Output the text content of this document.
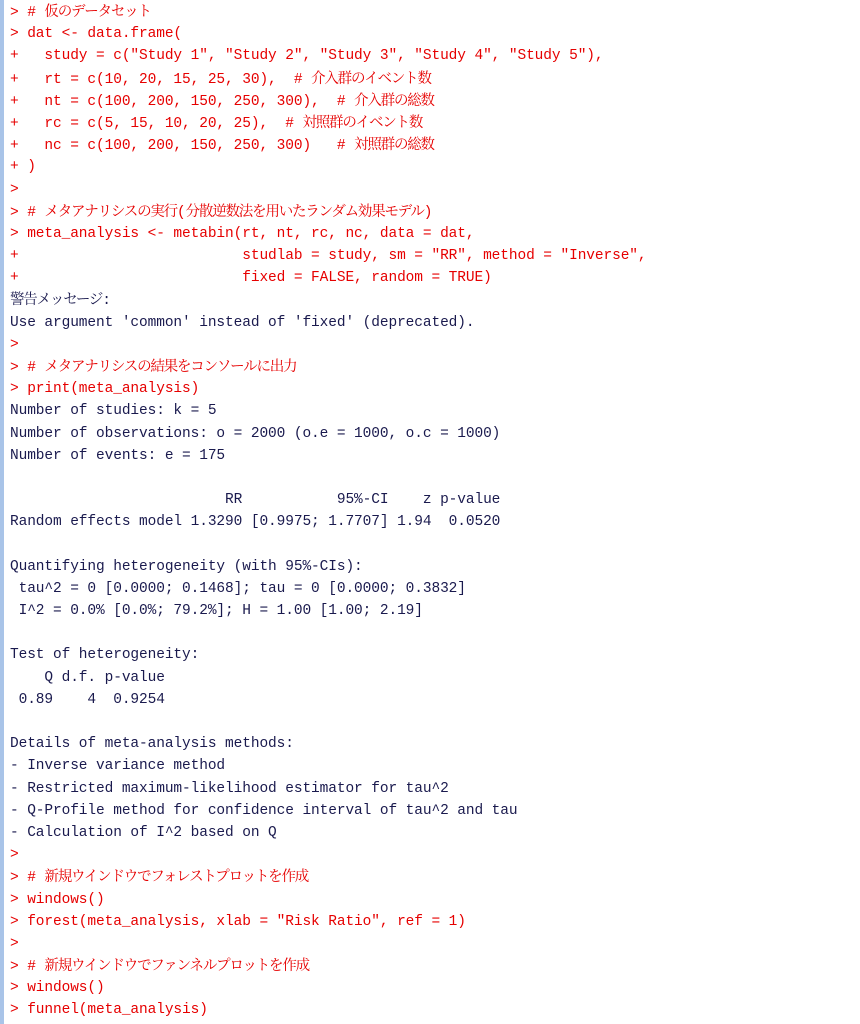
> # 仮のデータセット
> dat <- data.frame(
+   study = c("Study 1", "Study 2", "Study 3", "Study 4", "Study 5"),
+   rt = c(10, 20, 15, 25, 30),  # 介入群のイベント数
+   nt = c(100, 200, 150, 250, 300),  # 介入群の総数
+   rc = c(5, 15, 10, 20, 25),  # 対照群のイベント数
+   nc = c(100, 200, 150, 250, 300)   # 対照群の総数
+ )
>
> # メタアナリシスの実行(分散逆数法を用いたランダム効果モデル)
> meta_analysis <- metabin(rt, nt, rc, nc, data = dat,
+                          studlab = study, sm = "RR", method = "Inverse",
+                          fixed = FALSE, random = TRUE)
警告メッセージ:
Use argument 'common' instead of 'fixed' (deprecated).
>
> # メタアナリシスの結果をコンソールに出力
> print(meta_analysis)
Number of studies: k = 5
Number of observations: o = 2000 (o.e = 1000, o.c = 1000)
Number of events: e = 175

RR           95%-CI    z p-value
Random effects model 1.3290 [0.9975; 1.7707] 1.94  0.0520

Quantifying heterogeneity (with 95%-CIs):
tau^2 = 0 [0.0000; 0.1468]; tau = 0 [0.0000; 0.3832]
I^2 = 0.0% [0.0%; 79.2%]; H = 1.00 [1.00; 2.19]

Test of heterogeneity:
Q d.f. p-value
0.89    4  0.9254

Details of meta-analysis methods:
- Inverse variance method
- Restricted maximum-likelihood estimator for tau^2
- Q-Profile method for confidence interval of tau^2 and tau
- Calculation of I^2 based on Q
>
> # 新規ウインドウでフォレストプロットを作成
> windows()
> forest(meta_analysis, xlab = "Risk Ratio", ref = 1)
>
> # 新規ウインドウでファンネルプロットを作成
> windows()
> funnel(meta_analysis)
